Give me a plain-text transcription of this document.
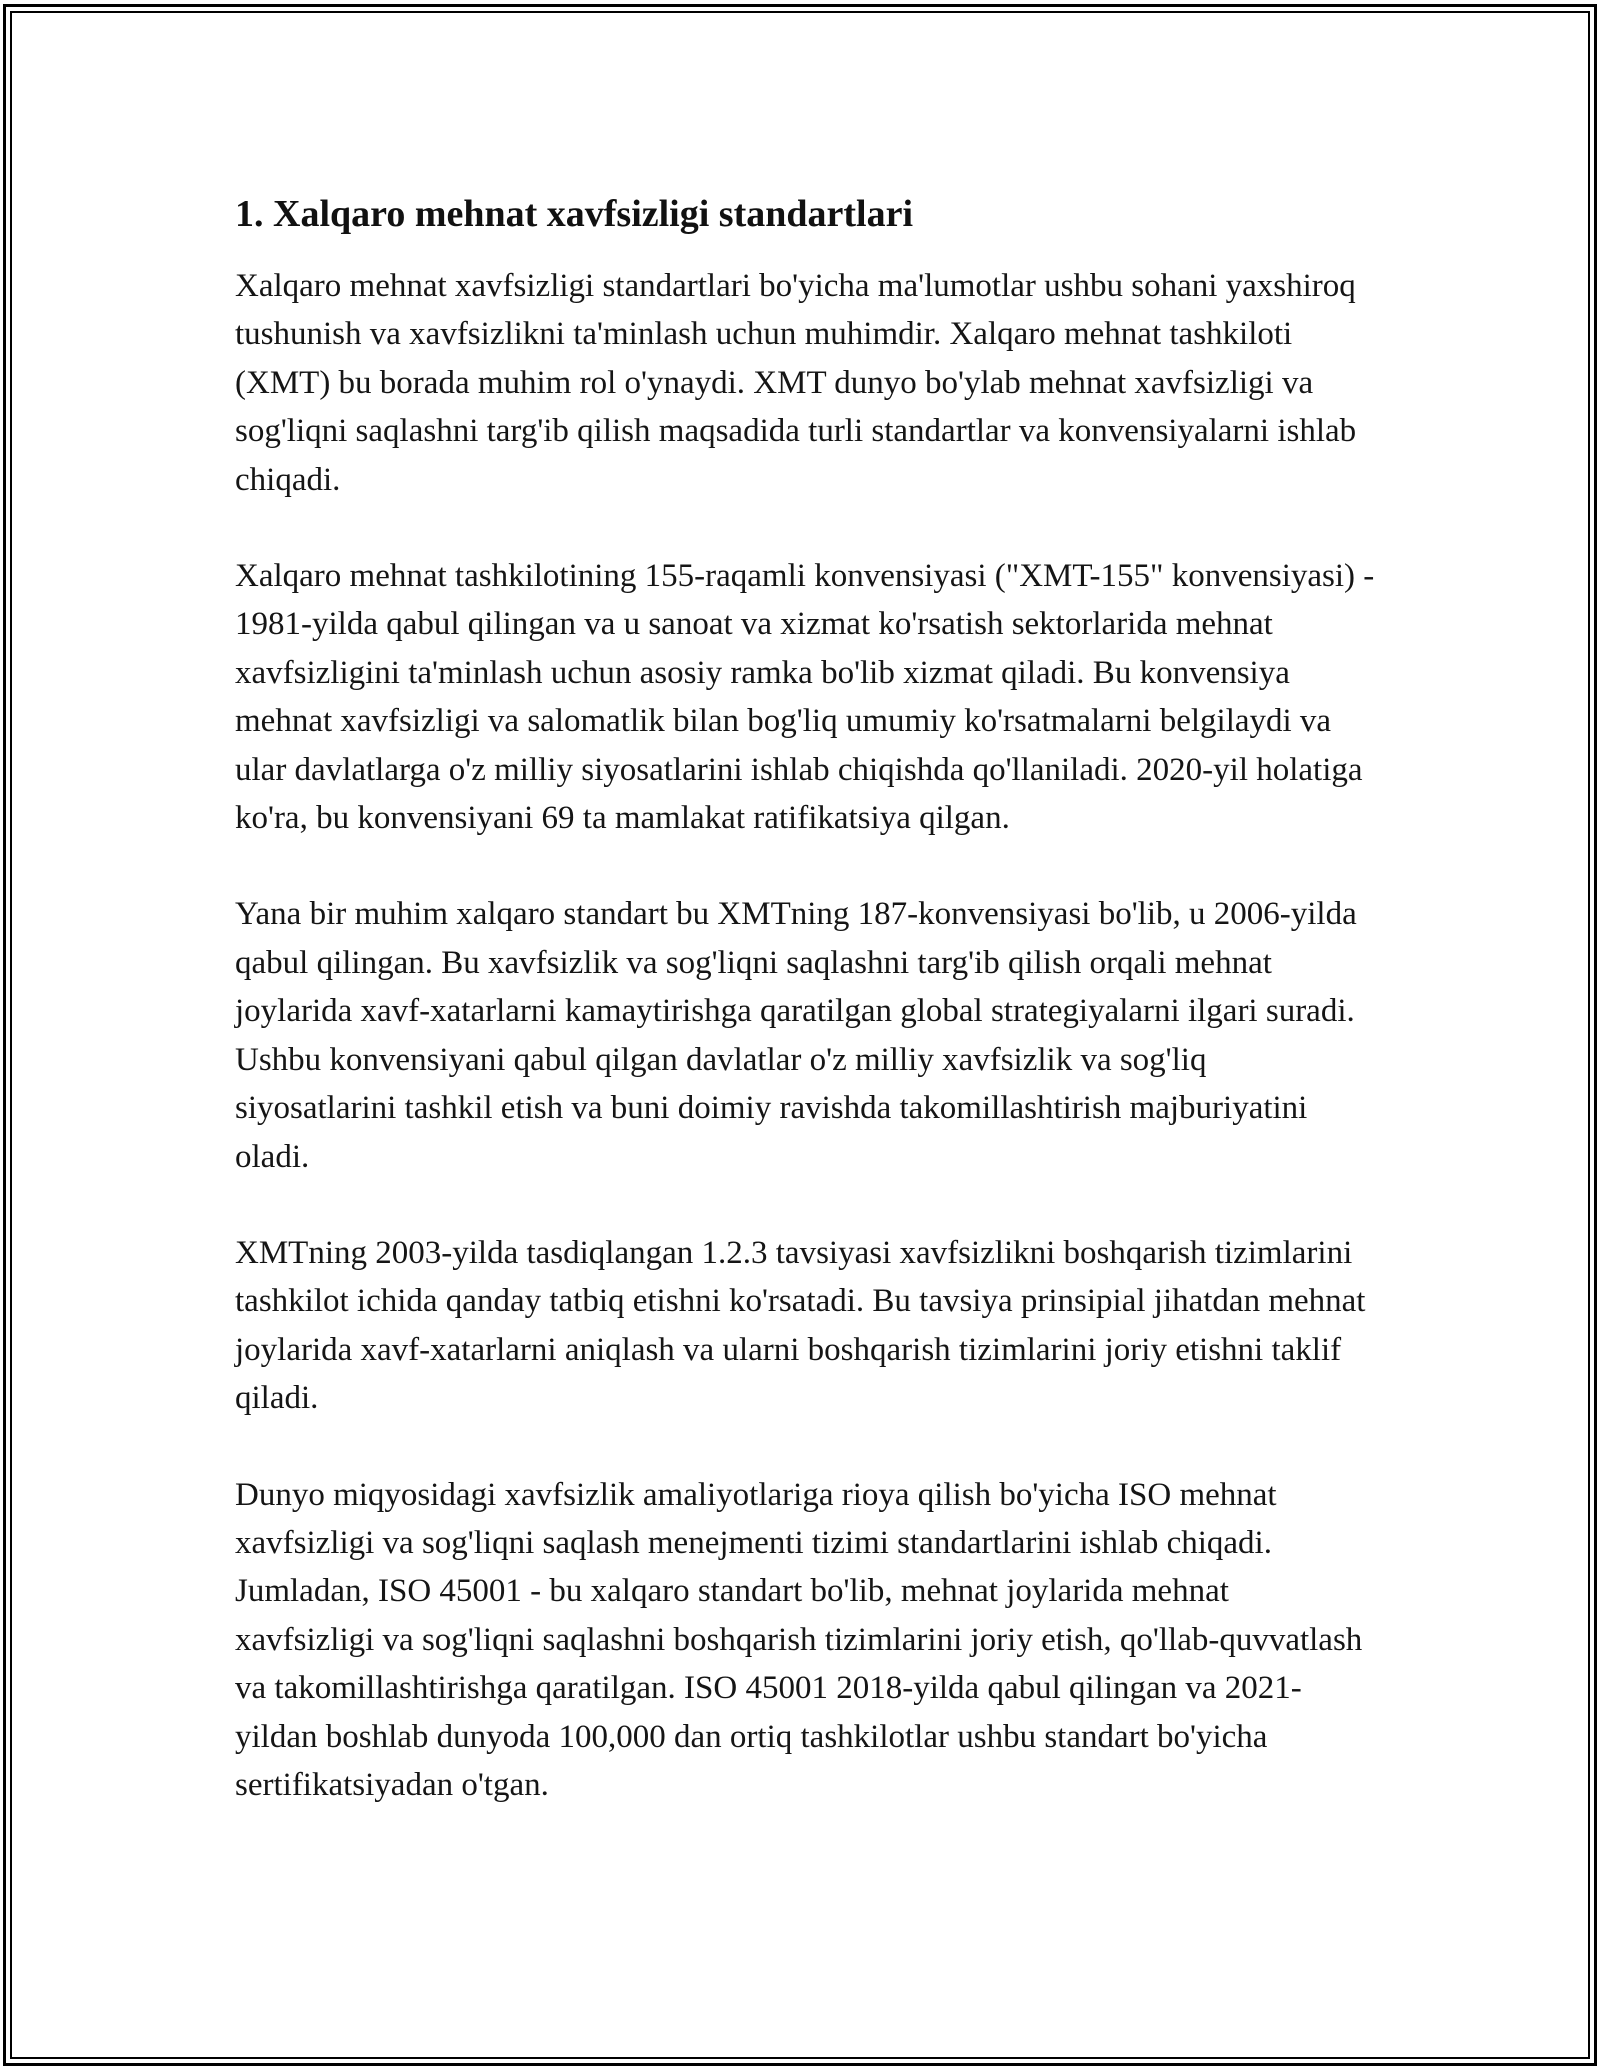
1. Xalqaro mehnat xavfsizligi standartlari

Xalqaro mehnat xavfsizligi standartlari bo'yicha ma'lumotlar ushbu sohani yaxshiroq tushunish va xavfsizlikni ta'minlash uchun muhimdir. Xalqaro mehnat tashkiloti (XMT) bu borada muhim rol o'ynaydi. XMT dunyo bo'ylab mehnat xavfsizligi va sog'liqni saqlashni targ'ib qilish maqsadida turli standartlar va konvensiyalarni ishlab chiqadi.

Xalqaro mehnat tashkilotining 155-raqamli konvensiyasi ("XMT-155" konvensiyasi) - 1981-yilda qabul qilingan va u sanoat va xizmat ko'rsatish sektorlarida mehnat xavfsizligini ta'minlash uchun asosiy ramka bo'lib xizmat qiladi. Bu konvensiya mehnat xavfsizligi va salomatlik bilan bog'liq umumiy ko'rsatmalarni belgilaydi va ular davlatlarga o'z milliy siyosatlarini ishlab chiqishda qo'llaniladi. 2020-yil holatiga ko'ra, bu konvensiyani 69 ta mamlakat ratifikatsiya qilgan.

Yana bir muhim xalqaro standart bu XMTning 187-konvensiyasi bo'lib, u 2006-yilda qabul qilingan. Bu xavfsizlik va sog'liqni saqlashni targ'ib qilish orqali mehnat joylarida xavf-xatarlarni kamaytirishga qaratilgan global strategiyalarni ilgari suradi. Ushbu konvensiyani qabul qilgan davlatlar o'z milliy xavfsizlik va sog'liq siyosatlarini tashkil etish va buni doimiy ravishda takomillashtirish majburiyatini oladi.

XMTning 2003-yilda tasdiqlangan 1.2.3 tavsiyasi xavfsizlikni boshqarish tizimlarini tashkilot ichida qanday tatbiq etishni ko'rsatadi. Bu tavsiya prinsipial jihatdan mehnat joylarida xavf-xatarlarni aniqlash va ularni boshqarish tizimlarini joriy etishni taklif qiladi.

Dunyo miqyosidagi xavfsizlik amaliyotlariga rioya qilish bo'yicha ISO mehnat xavfsizligi va sog'liqni saqlash menejmenti tizimi standartlarini ishlab chiqadi. Jumladan, ISO 45001 - bu xalqaro standart bo'lib, mehnat joylarida mehnat xavfsizligi va sog'liqni saqlashni boshqarish tizimlarini joriy etish, qo'llab-quvvatlash va takomillashtirishga qaratilgan. ISO 45001 2018-yilda qabul qilingan va 2021-yildan boshlab dunyoda 100,000 dan ortiq tashkilotlar ushbu standart bo'yicha sertifikatsiyadan o'tgan.
